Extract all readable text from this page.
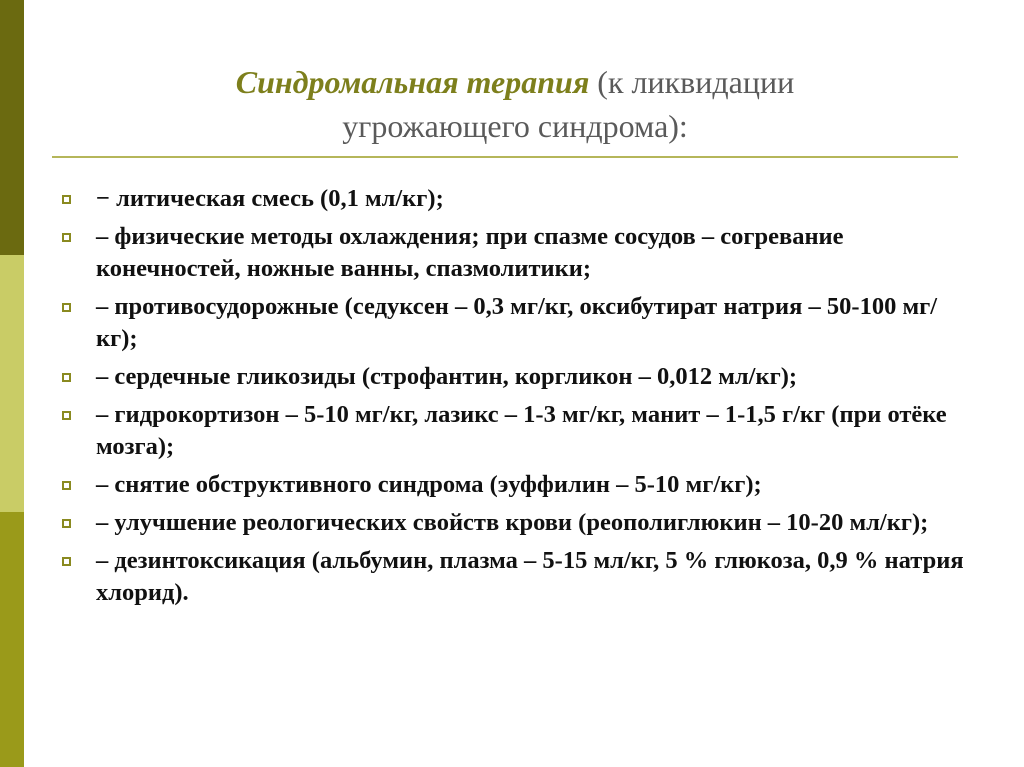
Синдромальная терапия (к ликвидации
угрожающего синдрома):
− литическая смесь (0,1 мл/кг);
– физические методы охлаждения; при спазме сосудов – согревание конечностей, ножные ванны, спазмолитики;
– противосудорожные (седуксен – 0,3 мг/кг, оксибутират натрия – 50-100 мг/кг);
– сердечные гликозиды (строфантин, коргликон – 0,012 мл/кг);
– гидрокортизон – 5-10 мг/кг, лазикс – 1-3 мг/кг, манит – 1-1,5 г/кг (при отёке мозга);
– снятие обструктивного синдрома (эуффилин – 5-10 мг/кг);
– улучшение реологических свойств крови (реополиглюкин – 10-20 мл/кг);
– дезинтоксикация (альбумин, плазма – 5-15 мл/кг, 5 % глюкоза, 0,9 % натрия хлорид).
